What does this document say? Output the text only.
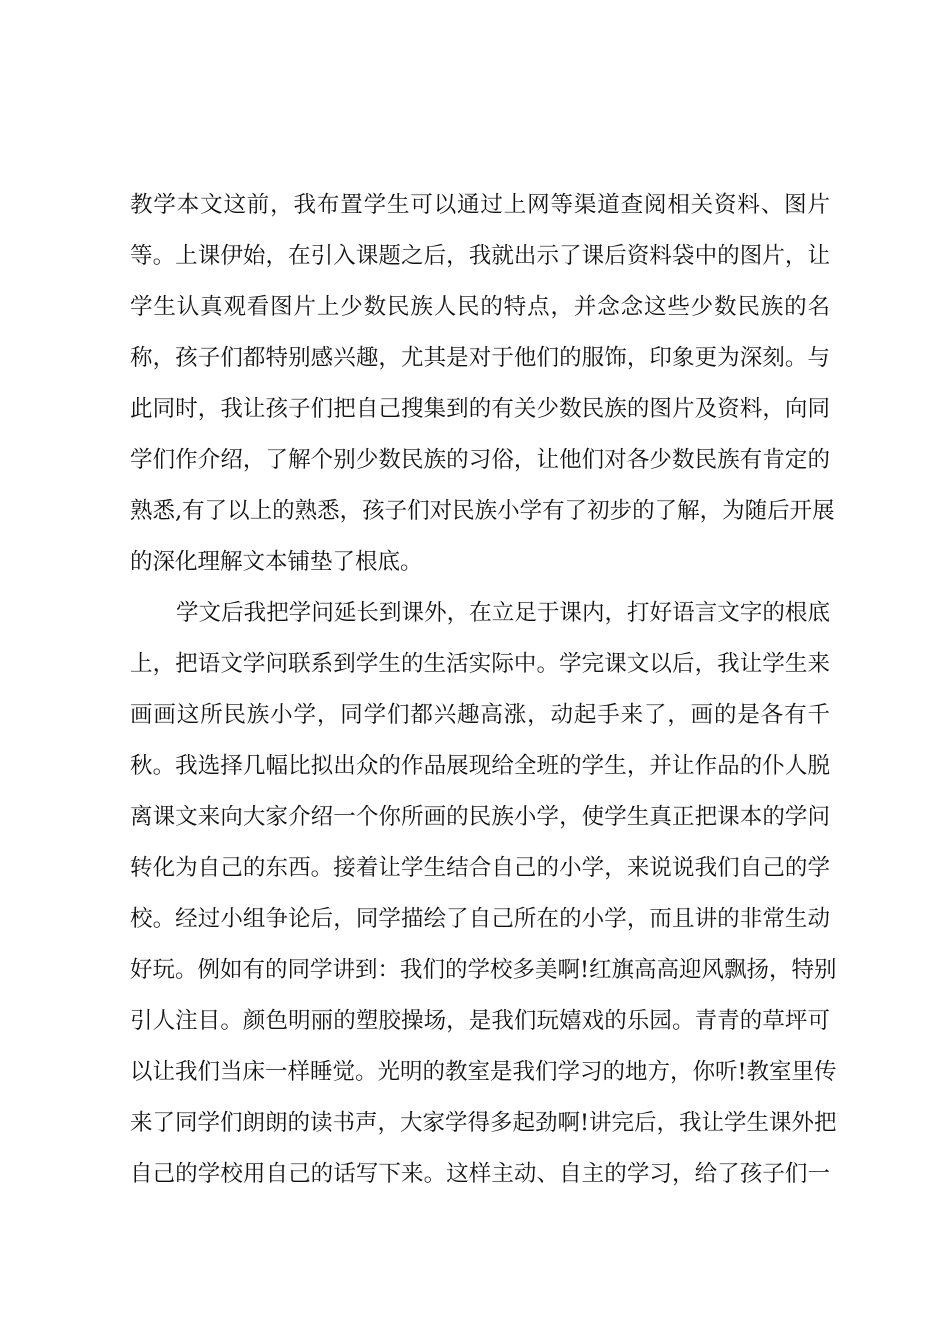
教学本文这前，我布置学生可以通过上网等渠道查阅相关资料、图片
等。上课伊始，在引入课题之后，我就出示了课后资料袋中的图片，让
学生认真观看图片上少数民族人民的特点，并念念这些少数民族的名
称，孩子们都特别感兴趣，尤其是对于他们的服饰，印象更为深刻。与
此同时，我让孩子们把自己搜集到的有关少数民族的图片及资料，向同
学们作介绍，了解个别少数民族的习俗，让他们对各少数民族有肯定的
熟悉,有了以上的熟悉，孩子们对民族小学有了初步的了解，为随后开展
的深化理解文本铺垫了根底。
学文后我把学问延长到课外，在立足于课内，打好语言文字的根底
上，把语文学问联系到学生的生活实际中。学完课文以后，我让学生来
画画这所民族小学，同学们都兴趣高涨，动起手来了，画的是各有千
秋。我选择几幅比拟出众的作品展现给全班的学生，并让作品的仆人脱
离课文来向大家介绍一个你所画的民族小学，使学生真正把课本的学问
转化为自己的东西。接着让学生结合自己的小学，来说说我们自己的学
校。经过小组争论后，同学描绘了自己所在的小学，而且讲的非常生动
好玩。例如有的同学讲到：我们的学校多美啊!红旗高高迎风飘扬，特别
引人注目。颜色明丽的塑胶操场，是我们玩嬉戏的乐园。青青的草坪可
以让我们当床一样睡觉。光明的教室是我们学习的地方，你听!教室里传
来了同学们朗朗的读书声，大家学得多起劲啊!讲完后，我让学生课外把
自己的学校用自己的话写下来。这样主动、自主的学习，给了孩子们一
